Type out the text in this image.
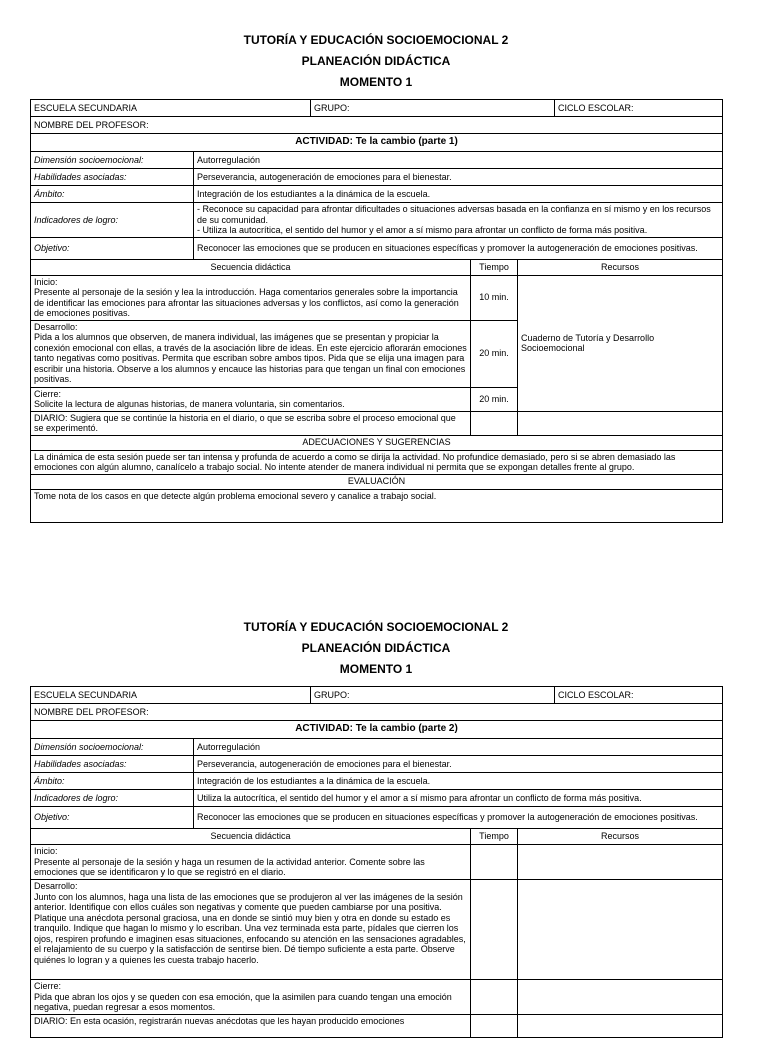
TUTORÍA Y EDUCACIÓN SOCIOEMOCIONAL 2
PLANEACIÓN DIDÁCTICA
MOMENTO 1
ESCUELA SECUNDARIA		GRUPO:			CICLO ESCOLAR:
NOMBRE DEL PROFESOR:					
ACTIVIDAD: Te la cambio (parte 1)					
Dimensión socioemocional:	Autorregulación				
Habilidades asociadas:	Perseverancia, autogeneración de emociones para el bienestar.				
Ámbito:	Integración de los estudiantes a la dinámica de la escuela.				
Indicadores de logro:	- Reconoce su capacidad para afrontar dificultades o situaciones adversas basada en la confianza en sí mismo y en los recursos de su comunidad.
- Utiliza la autocrítica, el sentido del humor y el amor a sí mismo para afrontar un conflicto de forma más positiva.				
Objetivo:	Reconocer las emociones que se producen en situaciones específicas y promover la autogeneración de emociones positivas.				
Secuencia didáctica			Tiempo	Recursos	
Inicio:
Presente al personaje de la sesión y lea la introducción. Haga comentarios generales sobre la importancia de identificar las emociones para afrontar las situaciones adversas y los conflictos, así como la generación de emociones positivas.			10 min.	Cuaderno de Tutoría y Desarrollo Socioemocional	
Desarrollo:
Pida a los alumnos que observen, de manera individual, las imágenes que se presentan y propiciar la conexión emocional con ellas, a través de la asociación libre de ideas. En este ejercicio aflorarán emociones tanto negativas como positivas. Permita que escriban sobre ambos tipos. Pida que se elija una imagen para escribir una historia. Observe a los alumnos y encauce las historias para que tengan un final con emociones positivas.			20 min.		
Cierre:
Solicite la lectura de algunas historias, de manera voluntaria, sin comentarios.			20 min.		
DIARIO: Sugiera que se continúe la historia en el diario, o que se escriba sobre el proceso emocional que se experimentó.					
ADECUACIONES Y SUGERENCIAS					
La dinámica de esta sesión puede ser tan intensa y profunda de acuerdo a como se dirija la actividad. No profundice demasiado, pero si se abren demasiado las emociones con algún alumno, canalícelo a trabajo social. No intente atender de manera individual ni permita que se expongan detalles frente al grupo.					
EVALUACIÓN					
Tome nota de los casos en que detecte algún problema emocional severo y canalice a trabajo social.					
TUTORÍA Y EDUCACIÓN SOCIOEMOCIONAL 2
PLANEACIÓN DIDÁCTICA
MOMENTO 1
ESCUELA SECUNDARIA		GRUPO:			CICLO ESCOLAR:
NOMBRE DEL PROFESOR:					
ACTIVIDAD: Te la cambio (parte 2)					
Dimensión socioemocional:	Autorregulación				
Habilidades asociadas:	Perseverancia, autogeneración de emociones para el bienestar.				
Ámbito:	Integración de los estudiantes a la dinámica de la escuela.				
Indicadores de logro:	Utiliza la autocrítica, el sentido del humor y el amor a sí mismo para afrontar un conflicto de forma más positiva.				
Objetivo:	Reconocer las emociones que se producen en situaciones específicas y promover la autogeneración de emociones positivas.				
Secuencia didáctica			Tiempo	Recursos	
Inicio:
Presente al personaje de la sesión y haga un resumen de la actividad anterior. Comente sobre las emociones que se identificaron y lo que se registró en el diario.					
Desarrollo:
Junto con los alumnos, haga una lista de las emociones que se produjeron al ver las imágenes de la sesión anterior. Identifique con ellos cuáles son negativas y comente que pueden cambiarse por una positiva. Platique una anécdota personal graciosa, una en donde se sintió muy bien y otra en donde su estado es tranquilo. Indique que hagan lo mismo y lo escriban. Una vez terminada esta parte, pídales que cierren los ojos, respiren profundo e imaginen esas situaciones, enfocando su atención en las sensaciones agradables, el relajamiento de su cuerpo y la satisfacción de sentirse bien. Dé tiempo suficiente a esta parte. Observe quiénes lo logran y a quienes les cuesta trabajo hacerlo.					
Cierre:
Pida que abran los ojos y se queden con esa emoción, que la asimilen para cuando tengan una emoción negativa, puedan regresar a esos momentos.					
DIARIO: En esta ocasión, registrarán nuevas anécdotas que les hayan producido emociones					
